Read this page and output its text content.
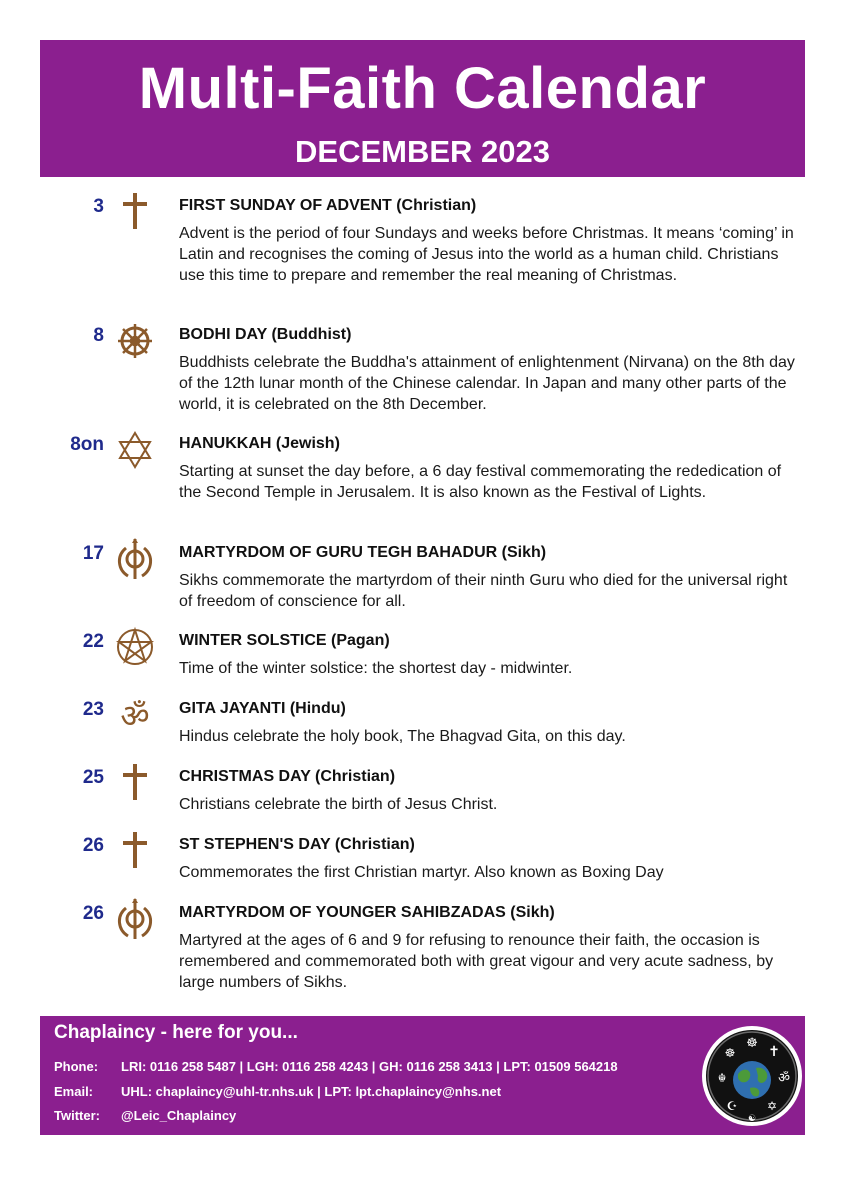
Multi-Faith Calendar
DECEMBER 2023
3	FIRST SUNDAY OF ADVENT (Christian)
Advent is the period of four Sundays and weeks before Christmas. It means ‘coming’ in Latin and recognises the coming of Jesus into the world as a human child. Christians use this time to prepare and remember the real meaning of Christmas.
8	BODHI DAY (Buddhist)
Buddhists celebrate the Buddha's attainment of enlightenment (Nirvana) on the 8th day of the 12th lunar month of the Chinese calendar. In Japan and many other parts of the world, it is celebrated on the 8th December.
8on	HANUKKAH (Jewish)
Starting at sunset the day before, a 6 day festival commemorating the rededication of the Second Temple in Jerusalem. It is also known as the Festival of Lights.
17	MARTYRDOM OF GURU TEGH BAHADUR (Sikh)
Sikhs commemorate the martyrdom of their ninth Guru who died for the universal right of freedom of conscience for all.
22	WINTER SOLSTICE (Pagan)
Time of the winter solstice: the shortest day - midwinter.
23 ॐ GITA JAYANTI (Hindu)
Hindus celebrate the holy book, The Bhagvad Gita, on this day.
25	CHRISTMAS DAY (Christian)
Christians celebrate the birth of Jesus Christ.
26	ST STEPHEN'S DAY (Christian)
Commemorates the first Christian martyr. Also known as Boxing Day
26	MARTYRDOM OF YOUNGER SAHIBZADAS (Sikh)
Martyred at the ages of 6 and 9 for refusing to renounce their faith, the occasion is remembered and commemorated both with great vigour and very acute sadness, by large numbers of Sikhs.
Chaplaincy - here for you...
Phone: LRI: 0116 258 5487 | LGH: 0116 258 4243 | GH: 0116 258 3413 | LPT: 01509 564218
Email: UHL: chaplaincy@uhl-tr.nhs.uk | LPT: lpt.chaplaincy@nhs.net
Twitter: @Leic_Chaplaincy
☸
☸ ✝
☬	ॐ
☪ ✡
☯
